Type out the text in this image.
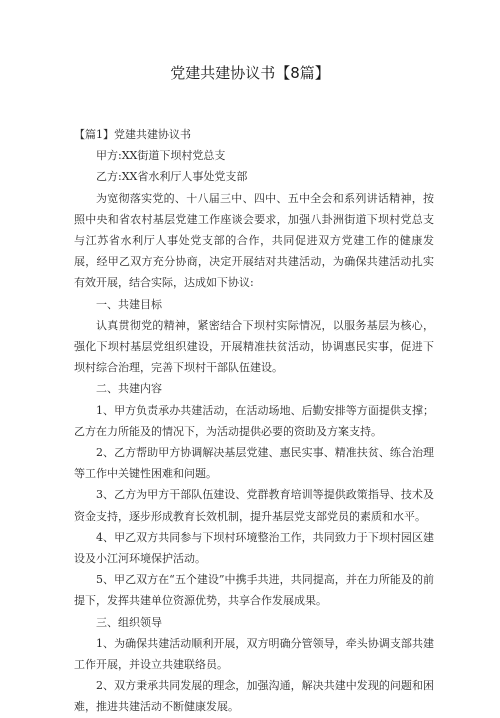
党建共建协议书【8篇】

【篇1】党建共建协议书

甲方:XX街道下坝村党总支

乙方:XX省水利厅人事处党支部

为宽彻落实党的、十八届三中、四中、五中全会和系列讲话精神，按照中央和省农村基层党建工作座谈会要求，加强八卦洲街道下坝村党总支与江苏省水利厅人事处党支部的合作，共同促进双方党建工作的健康发展，经甲乙双方充分协商，决定开展结对共建活动，为确保共建活动扎实有效开展，结合实际，达成如下协议:

一、共建目标

认真贯彻党的精神，紧密结合下坝村实际情况，以服务基层为核心，强化下坝村基层党组织建设，开展精准扶贫活动，协调惠民实事，促进下坝村综合治理，完善下坝村干部队伍建设。

二、共建内容

1、甲方负责承办共建活动，在活动场地、后勤安排等方面提供支撑；乙方在力所能及的情况下，为活动提供必要的资助及方案支持。

2、乙方帮助甲方协调解决基层党建、惠民实事、精准扶贫、练合治理等工作中关键性困难和问题。

3、乙方为甲方干部队伍建设、党群教育培训等提供政策指导、技术及资金支持，逐步形成教育长效机制，提升基层党支部党员的素质和水平。

4、甲乙双方共同参与下坝村环境整治工作，共同致力于下坝村园区建设及小江河环境保护活动。

5、甲乙双方在“五个建设”中携手共进，共同提高，并在力所能及的前提下，发挥共建单位资源优势，共享合作发展成果。

三、组织领导

1、为确保共建活动顺利开展，双方明确分管领导，牵头协调支部共建工作开展，并设立共建联络员。

2、双方秉承共同发展的理念，加强沟通，解决共建中发现的问题和困难，推进共建活动不断健康发展。
